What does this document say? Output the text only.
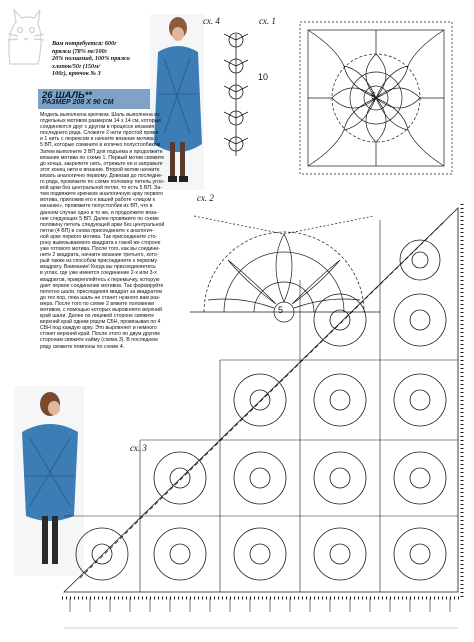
Вам потребуется: 600г
пряжи (78% пе/100г
20% полиамид, 100% пряжи
хлопок/50г (150м/
100г), крючок № 3
26 ШАЛЬ**
РАЗМЕР 208 Х 90 СМ
Модель выполнена крючком. Шаль выполнена из
отдельных мотивов размером 14 х 14 см, которые
соединяются друг с другом в процессе вязания
последнего ряда. Сложите 2 нити простой пряжи
и 1 нить с люрексом и начните вязание мотива с
5 ВП, которые сомкните в колечко полустолбиком.
Затем выполните 3 ВП для подъема и продолжите
вязание мотива по схеме 1. Первый мотив свяжите
до конца, закрепите нить, отрежьте ее и заправьте
этот конец нити в вязание. Второй мотив начните
вязать аналогично первому. Довязав до последне-
го ряда, провяжите по схеме половину петель угло-
вой арки без центральной петли, то есть 5 ВП. За-
тем подвяжите крючком аналогичную арку первого
мотива, приложив его к вашей работе «лицом к
изнанке», провяжите полустолбик их ВП, что в
данном случае одно и то же, и продолжите вяза-
ние следующих 5 ВП. Далее провяжите по схеме
половину петель следующей арки без центральной
петли (4 ВП) и снова присоедините к аналогич-
ной арке первого мотива. Так присоедините сто-
рону вывязываемого квадрата к такой же стороне
уже готового мотива. После того, как вы соедини-
ните 2 квадрата, начните вязание третьего, кото-
рый также из способом присоедините к первому
квадрату. Внимание! Когда вы присоединяетесь
в углах, где уже имеется соединение 2-х или 3-х
квадратов, прикрепляйтесь к перемычку, которую
дает первое соединение мотивов. Так формируйте
полотно шали, присоединяя квадрат за квадратом
до тех пор, пока шаль не станет нужного вам раз-
мера. После того по схеме 2 вяжите половинки
мотивов, с помощью которых выровняете верхний
край шали. Далее по лицевой стороне свяжите
верхний край одним рядом СБН, провязывая по 4
СБН под каждую арку. Это выровняет и немного
стянет верхний край. После этого по двум другим
сторонам свяжите кайму (схема 3). В последнем
ряду свяжите помпоны по схеме 4.
сх. 4	сх. 1
сх. 2
сх. 3
10
5
5
